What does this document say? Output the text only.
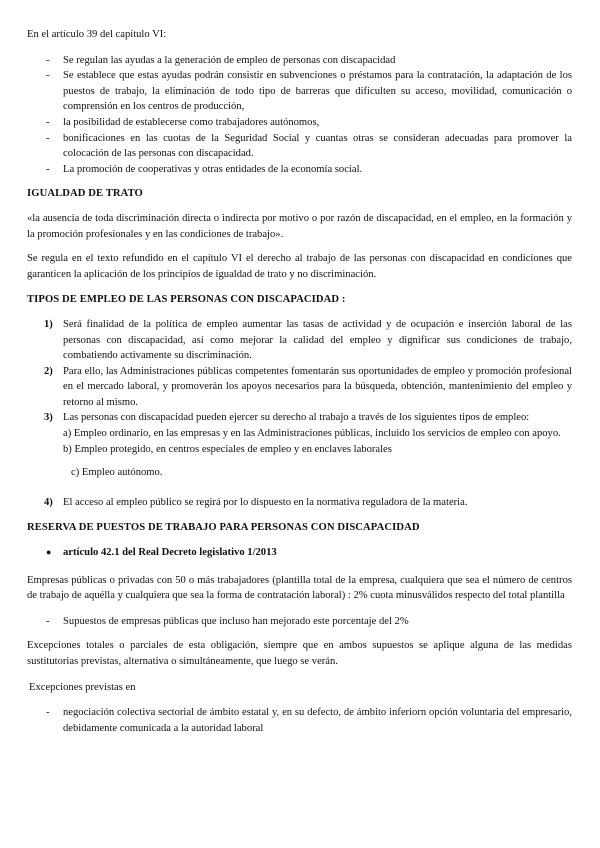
En el artículo 39 del capítulo VI:

- Se regulan las ayudas a la generación de empleo de personas con discapacidad
- Se establece que estas ayudas podrán consistir en subvenciones o préstamos para la contratación, la adaptación de los puestos de trabajo, la eliminación de todo tipo de barreras que dificulten su acceso, movilidad, comunicación o comprensión en los centros de producción,
- la posibilidad de establecerse como trabajadores autónomos,
- bonificaciones en las cuotas de la Seguridad Social y cuantas otras se consideran adecuadas para promover la colocación de las personas con discapacidad.
- La promoción de cooperativas y otras entidades de la economía social.
IGUALDAD DE TRATO

«la ausencia de toda discriminación directa o indirecta por motivo o por razón de discapacidad, en el empleo, en la formación y la promoción profesionales y en las condiciones de trabajo».

Se regula en el texto refundido en el capítulo VI el derecho al trabajo de las personas con discapacidad en condiciones que garanticen la aplicación de los principios de igualdad de trato y no discriminación.

TIPOS DE EMPLEO DE LAS PERSONAS CON DISCAPACIDAD :
1) Será finalidad de la política de empleo aumentar las tasas de actividad y de ocupación e inserción laboral de las personas con discapacidad, así como mejorar la calidad del empleo y dignificar sus condiciones de trabajo, combatiendo activamente su discriminación.
2) Para ello, las Administraciones públicas competentes fomentarán sus oportunidades de empleo y promoción profesional en el mercado laboral, y promoverán los apoyos necesarios para la búsqueda, obtención, mantenimiento del empleo y retorno al mismo.
3) Las personas con discapacidad pueden ejercer su derecho al trabajo a través de los siguientes tipos de empleo:
a) Empleo ordinario, en las empresas y en las Administraciones públicas, incluido los servicios de empleo con apoyo.
b) Empleo protegido, en centros especiales de empleo y en enclaves laborales
c) Empleo autónomo.
4) El acceso al empleo público se regirá por lo dispuesto en la normativa reguladora de la materia.
RESERVA DE PUESTOS DE TRABAJO PARA PERSONAS CON DISCAPACIDAD
● artículo 42.1 del Real Decreto legislativo 1/2013

Empresas públicas o privadas con 50 o más trabajadores (plantilla total de la empresa, cualquiera que sea el número de centros de trabajo de aquélla y cualquiera que sea la forma de contratación laboral) : 2% cuota minusválidos respecto del total plantilla

- Supuestos de empresas públicas que incluso han mejorado este porcentaje del 2%

Excepciones totales o parciales de esta obligación, siempre que en ambos supuestos se aplique alguna de las medidas sustitutorias previstas, alternativa o simultáneamente, que luego se verán.

Excepciones previstas en

- negociación colectiva sectorial de ámbito estatal y, en su defecto, de ámbito inferiorn opción voluntaria del empresario, debidamente comunicada a la autoridad laboral
